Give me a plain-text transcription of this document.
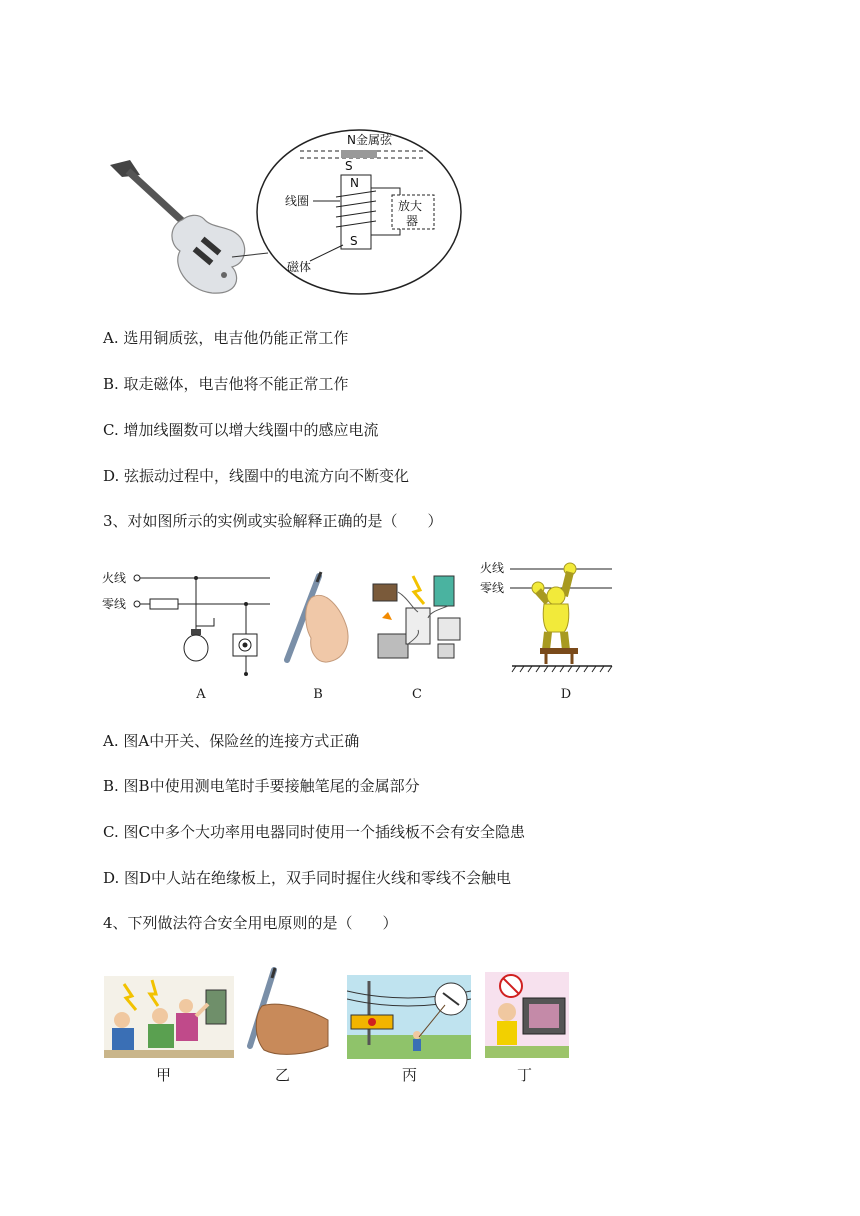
N金属弦
S
N
S
线圈
磁体
放大
器
A. 选用铜质弦，电吉他仍能正常工作
B. 取走磁体，电吉他将不能正常工作
C. 增加线圈数可以增大线圈中的感应电流
D. 弦振动过程中，线圈中的电流方向不断变化
3、对如图所示的实例或实验解释正确的是（　　）
火线
零线
火线
零线
A	B	C	D
A. 图A中开关、保险丝的连接方式正确
B. 图B中使用测电笔时手要接触笔尾的金属部分
C. 图C中多个大功率用电器同时使用一个插线板不会有安全隐患
D. 图D中人站在绝缘板上，双手同时握住火线和零线不会触电
4、下列做法符合安全用电原则的是（　　）
甲	乙	丙	丁
